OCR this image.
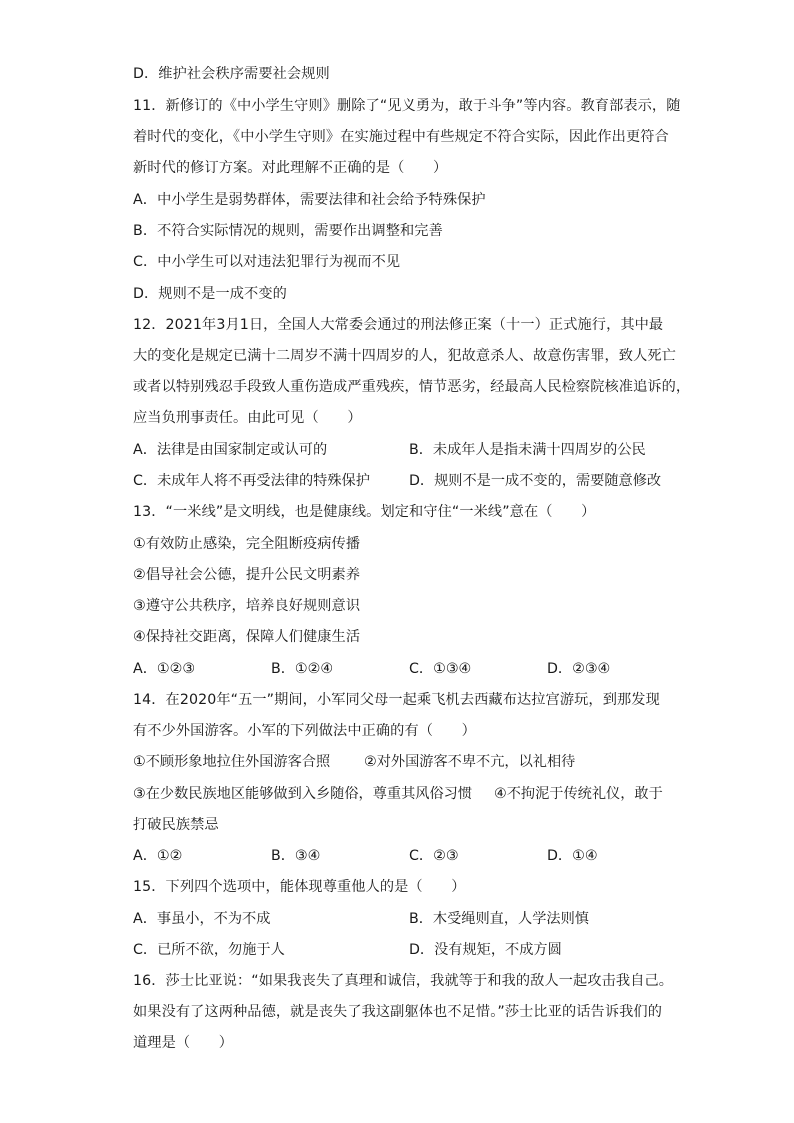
D．维护社会秩序需要社会规则
11．新修订的《中小学生守则》删除了“见义勇为，敢于斗争”等内容。教育部表示，随
着时代的变化，《中小学生守则》在实施过程中有些规定不符合实际，因此作出更符合
新时代的修订方案。对此理解不正确的是（　　）
A．中小学生是弱势群体，需要法律和社会给予特殊保护
B．不符合实际情况的规则，需要作出调整和完善
C．中小学生可以对违法犯罪行为视而不见
D．规则不是一成不变的
12．2021年3月1日，全国人大常委会通过的刑法修正案（十一）正式施行，其中最
大的变化是规定已满十二周岁不满十四周岁的人，犯故意杀人、故意伤害罪，致人死亡
或者以特别残忍手段致人重伤造成严重残疾，情节恶劣，经最高人民检察院核准追诉的，
应当负刑事责任。由此可见（　　）
A．法律是由国家制定或认可的	B．未成年人是指未满十四周岁的公民
C．未成年人将不再受法律的特殊保护	D．规则不是一成不变的，需要随意修改
13．“一米线”是文明线，也是健康线。划定和守住“一米线”意在（　　）
①有效防止感染，完全阻断疫病传播
②倡导社会公德，提升公民文明素养
③遵守公共秩序，培养良好规则意识
④保持社交距离，保障人们健康生活
A．①②③	B．①②④	C．①③④	D．②③④
14．在2020年“五一”期间，小军同父母一起乘飞机去西藏布达拉宫游玩，到那发现
有不少外国游客。小军的下列做法中正确的有（　　）
①不顾形象地拉住外国游客合照 ②对外国游客不卑不亢，以礼相待
③在少数民族地区能够做到入乡随俗，尊重其风俗习惯 ④不拘泥于传统礼仪，敢于
打破民族禁忌
A．①②	B．③④	C．②③	D．①④
15．下列四个选项中，能体现尊重他人的是（　　）
A．事虽小，不为不成	B．木受绳则直，人学法则慎
C．已所不欲，勿施于人	D．没有规矩，不成方圆
16．莎士比亚说：“如果我丧失了真理和诚信，我就等于和我的敌人一起攻击我自己。
如果没有了这两种品德，就是丧失了我这副躯体也不足惜。”莎士比亚的话告诉我们的
道理是（　　）
